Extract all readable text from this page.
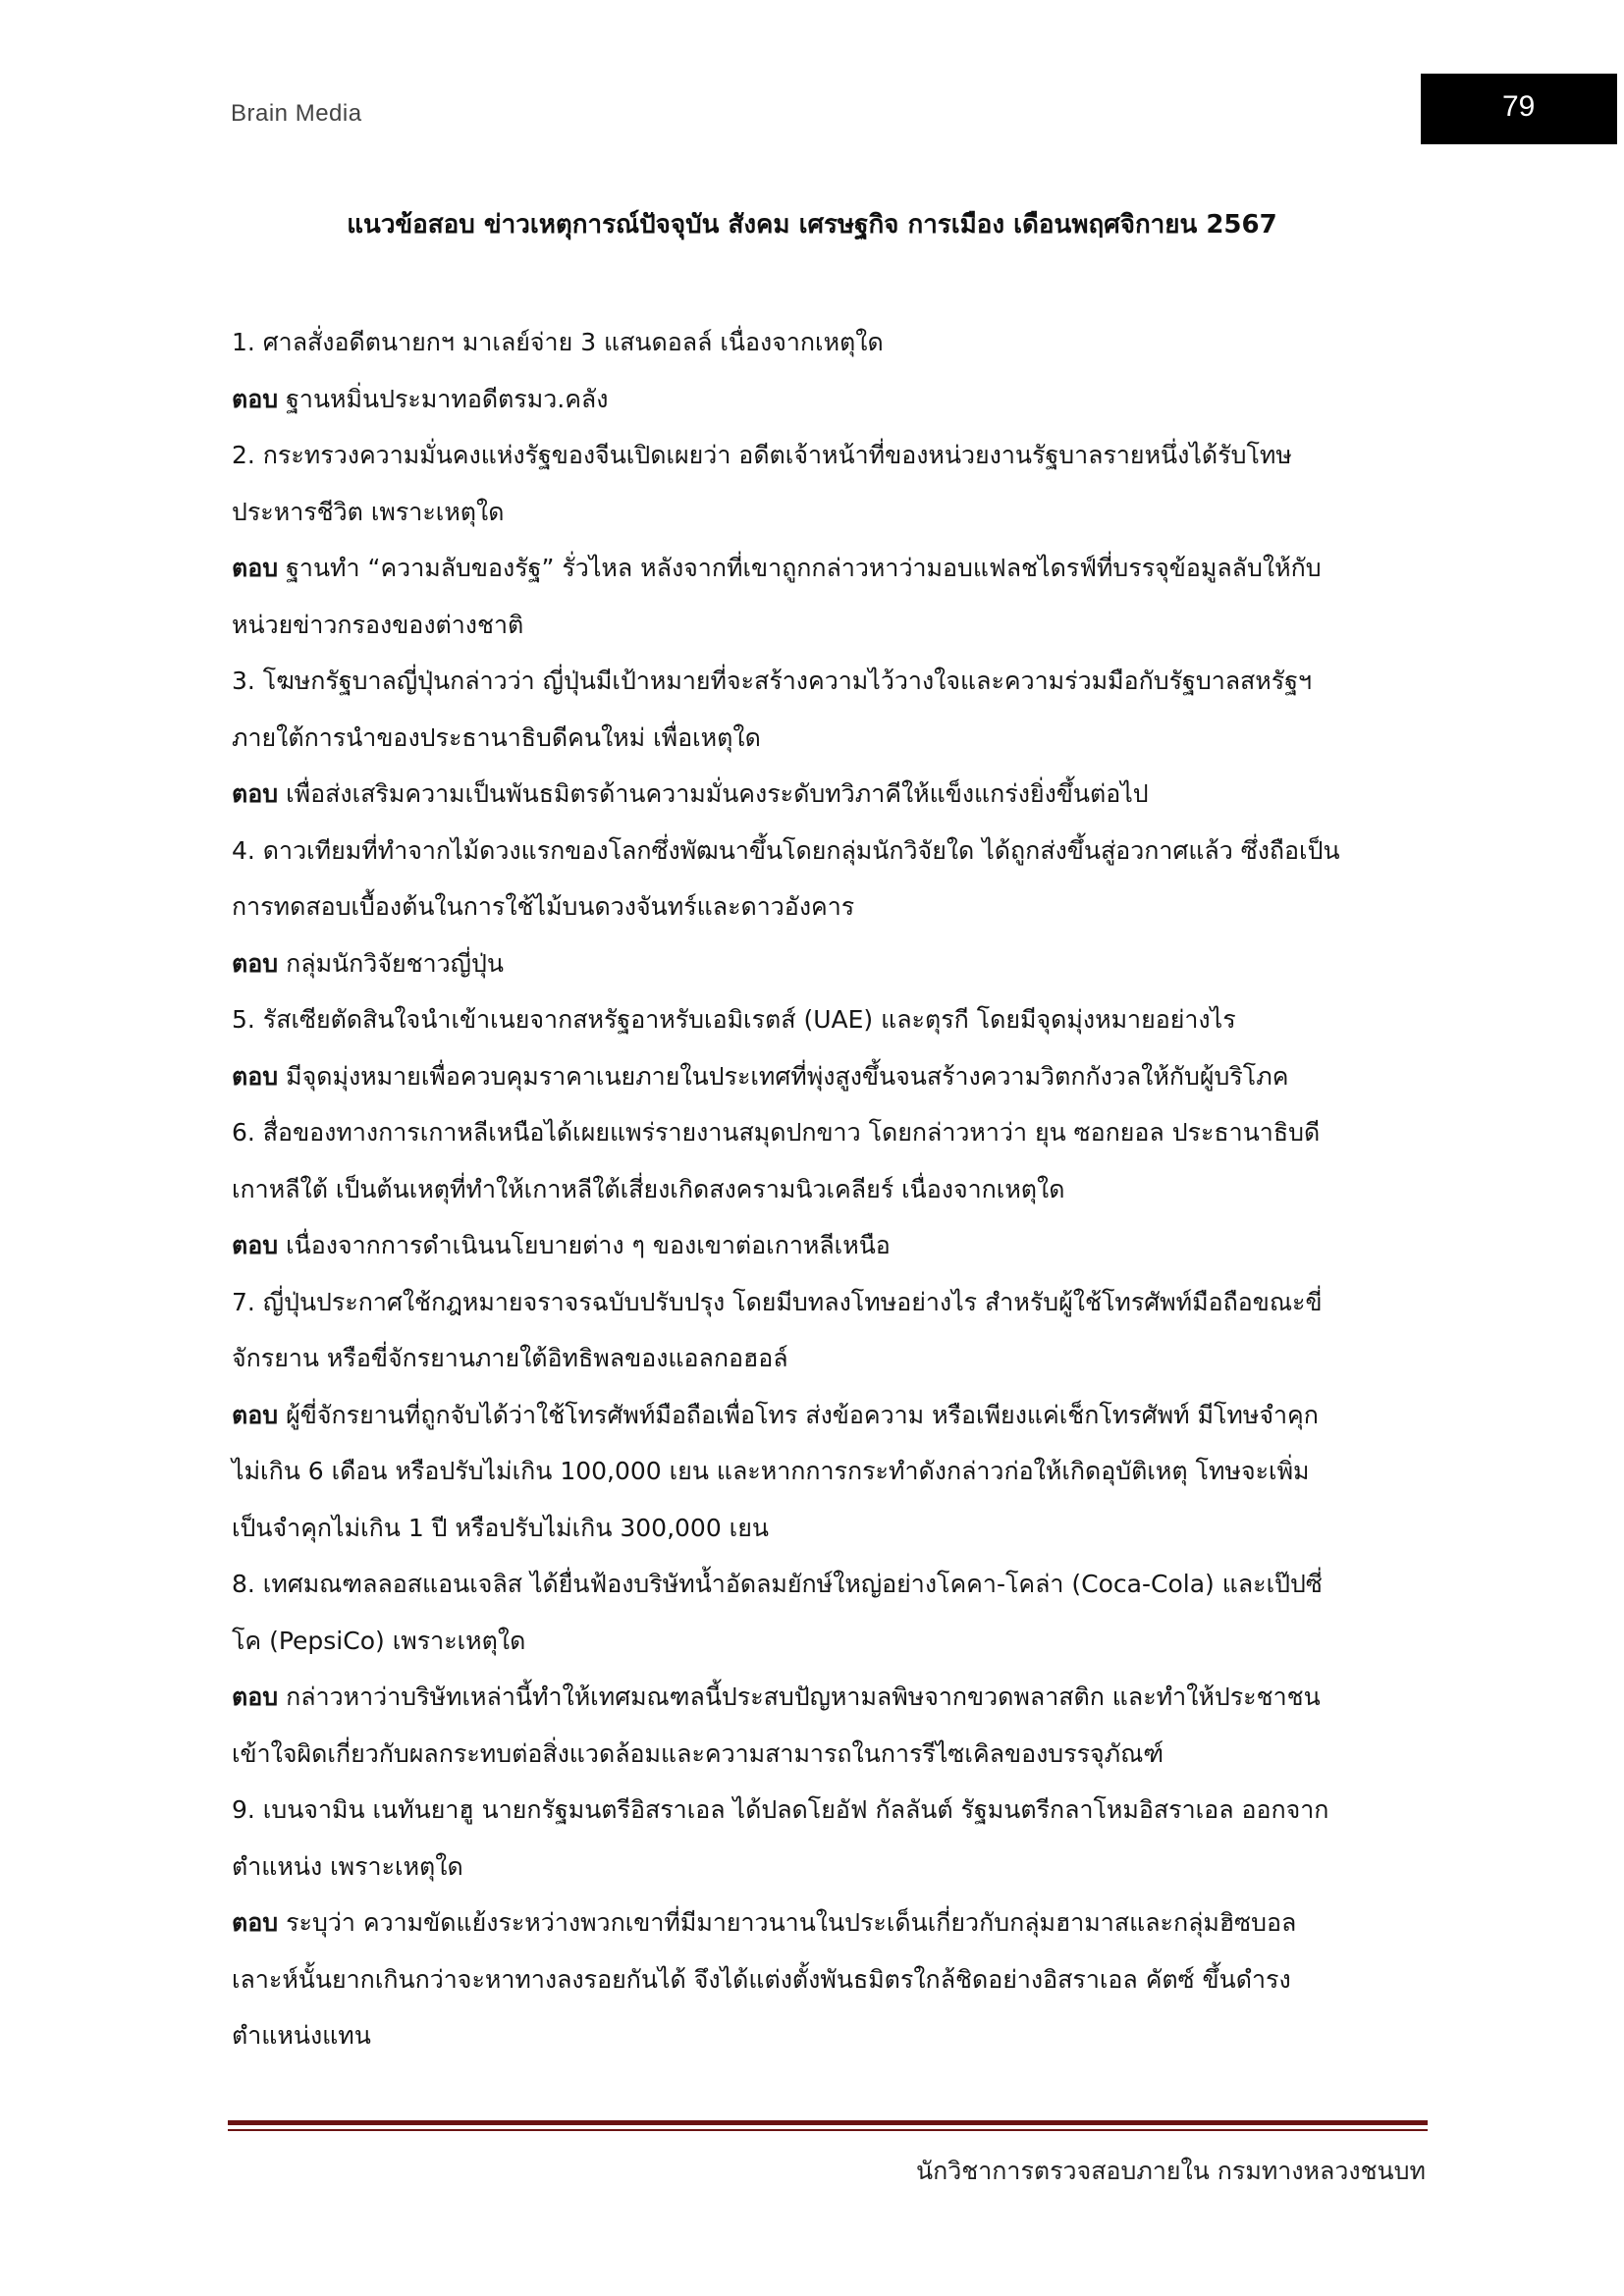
Brain Media	79
แนวข้อสอบ ข่าวเหตุการณ์ปัจจุบัน สังคม เศรษฐกิจ การเมือง เดือนพฤศจิกายน 2567

1. ศาลสั่งอดีตนายกฯ มาเลย์จ่าย 3 แสนดอลล์ เนื่องจากเหตุใด

ตอบ ฐานหมิ่นประมาทอดีตรมว.คลัง

2. กระทรวงความมั่นคงแห่งรัฐของจีนเปิดเผยว่า อดีตเจ้าหน้าที่ของหน่วยงานรัฐบาลรายหนึ่งได้รับโทษ

ประหารชีวิต เพราะเหตุใด

ตอบ ฐานทำ “ความลับของรัฐ” รั่วไหล หลังจากที่เขาถูกกล่าวหาว่ามอบแฟลชไดรฟ์ที่บรรจุข้อมูลลับให้กับ

หน่วยข่าวกรองของต่างชาติ

3. โฆษกรัฐบาลญี่ปุ่นกล่าวว่า ญี่ปุ่นมีเป้าหมายที่จะสร้างความไว้วางใจและความร่วมมือกับรัฐบาลสหรัฐฯ

ภายใต้การนำของประธานาธิบดีคนใหม่ เพื่อเหตุใด

ตอบ เพื่อส่งเสริมความเป็นพันธมิตรด้านความมั่นคงระดับทวิภาคีให้แข็งแกร่งยิ่งขึ้นต่อไป

4. ดาวเทียมที่ทำจากไม้ดวงแรกของโลกซึ่งพัฒนาขึ้นโดยกลุ่มนักวิจัยใด ได้ถูกส่งขึ้นสู่อวกาศแล้ว ซึ่งถือเป็น

การทดสอบเบื้องต้นในการใช้ไม้บนดวงจันทร์และดาวอังคาร

ตอบ กลุ่มนักวิจัยชาวญี่ปุ่น

5. รัสเซียตัดสินใจนำเข้าเนยจากสหรัฐอาหรับเอมิเรตส์ (UAE) และตุรกี โดยมีจุดมุ่งหมายอย่างไร

ตอบ มีจุดมุ่งหมายเพื่อควบคุมราคาเนยภายในประเทศที่พุ่งสูงขึ้นจนสร้างความวิตกกังวลให้กับผู้บริโภค

6. สื่อของทางการเกาหลีเหนือได้เผยแพร่รายงานสมุดปกขาว โดยกล่าวหาว่า ยุน ซอกยอล ประธานาธิบดี

เกาหลีใต้ เป็นต้นเหตุที่ทำให้เกาหลีใต้เสี่ยงเกิดสงครามนิวเคลียร์ เนื่องจากเหตุใด

ตอบ เนื่องจากการดำเนินนโยบายต่าง ๆ ของเขาต่อเกาหลีเหนือ

7. ญี่ปุ่นประกาศใช้กฎหมายจราจรฉบับปรับปรุง โดยมีบทลงโทษอย่างไร สำหรับผู้ใช้โทรศัพท์มือถือขณะขี่

จักรยาน หรือขี่จักรยานภายใต้อิทธิพลของแอลกอฮอล์

ตอบ ผู้ขี่จักรยานที่ถูกจับได้ว่าใช้โทรศัพท์มือถือเพื่อโทร ส่งข้อความ หรือเพียงแค่เช็กโทรศัพท์ มีโทษจำคุก

ไม่เกิน 6 เดือน หรือปรับไม่เกิน 100,000 เยน และหากการกระทำดังกล่าวก่อให้เกิดอุบัติเหตุ โทษจะเพิ่ม

เป็นจำคุกไม่เกิน 1 ปี หรือปรับไม่เกิน 300,000 เยน

8. เทศมณฑลลอสแอนเจลิส ได้ยื่นฟ้องบริษัทน้ำอัดลมยักษ์ใหญ่อย่างโคคา-โคล่า (Coca-Cola) และเป๊ปซี่

โค (PepsiCo) เพราะเหตุใด

ตอบ กล่าวหาว่าบริษัทเหล่านี้ทำให้เทศมณฑลนี้ประสบปัญหามลพิษจากขวดพลาสติก และทำให้ประชาชน

เข้าใจผิดเกี่ยวกับผลกระทบต่อสิ่งแวดล้อมและความสามารถในการรีไซเคิลของบรรจุภัณฑ์

9. เบนจามิน เนทันยาฮู นายกรัฐมนตรีอิสราเอล ได้ปลดโยอัฟ กัลลันต์ รัฐมนตรีกลาโหมอิสราเอล ออกจาก

ตำแหน่ง เพราะเหตุใด

ตอบ ระบุว่า ความขัดแย้งระหว่างพวกเขาที่มีมายาวนานในประเด็นเกี่ยวกับกลุ่มฮามาสและกลุ่มฮิซบอล

เลาะห์นั้นยากเกินกว่าจะหาทางลงรอยกันได้ จึงได้แต่งตั้งพันธมิตรใกล้ชิดอย่างอิสราเอล คัตซ์ ขึ้นดำรง

ตำแหน่งแทน

นักวิชาการตรวจสอบภายใน กรมทางหลวงชนบท
